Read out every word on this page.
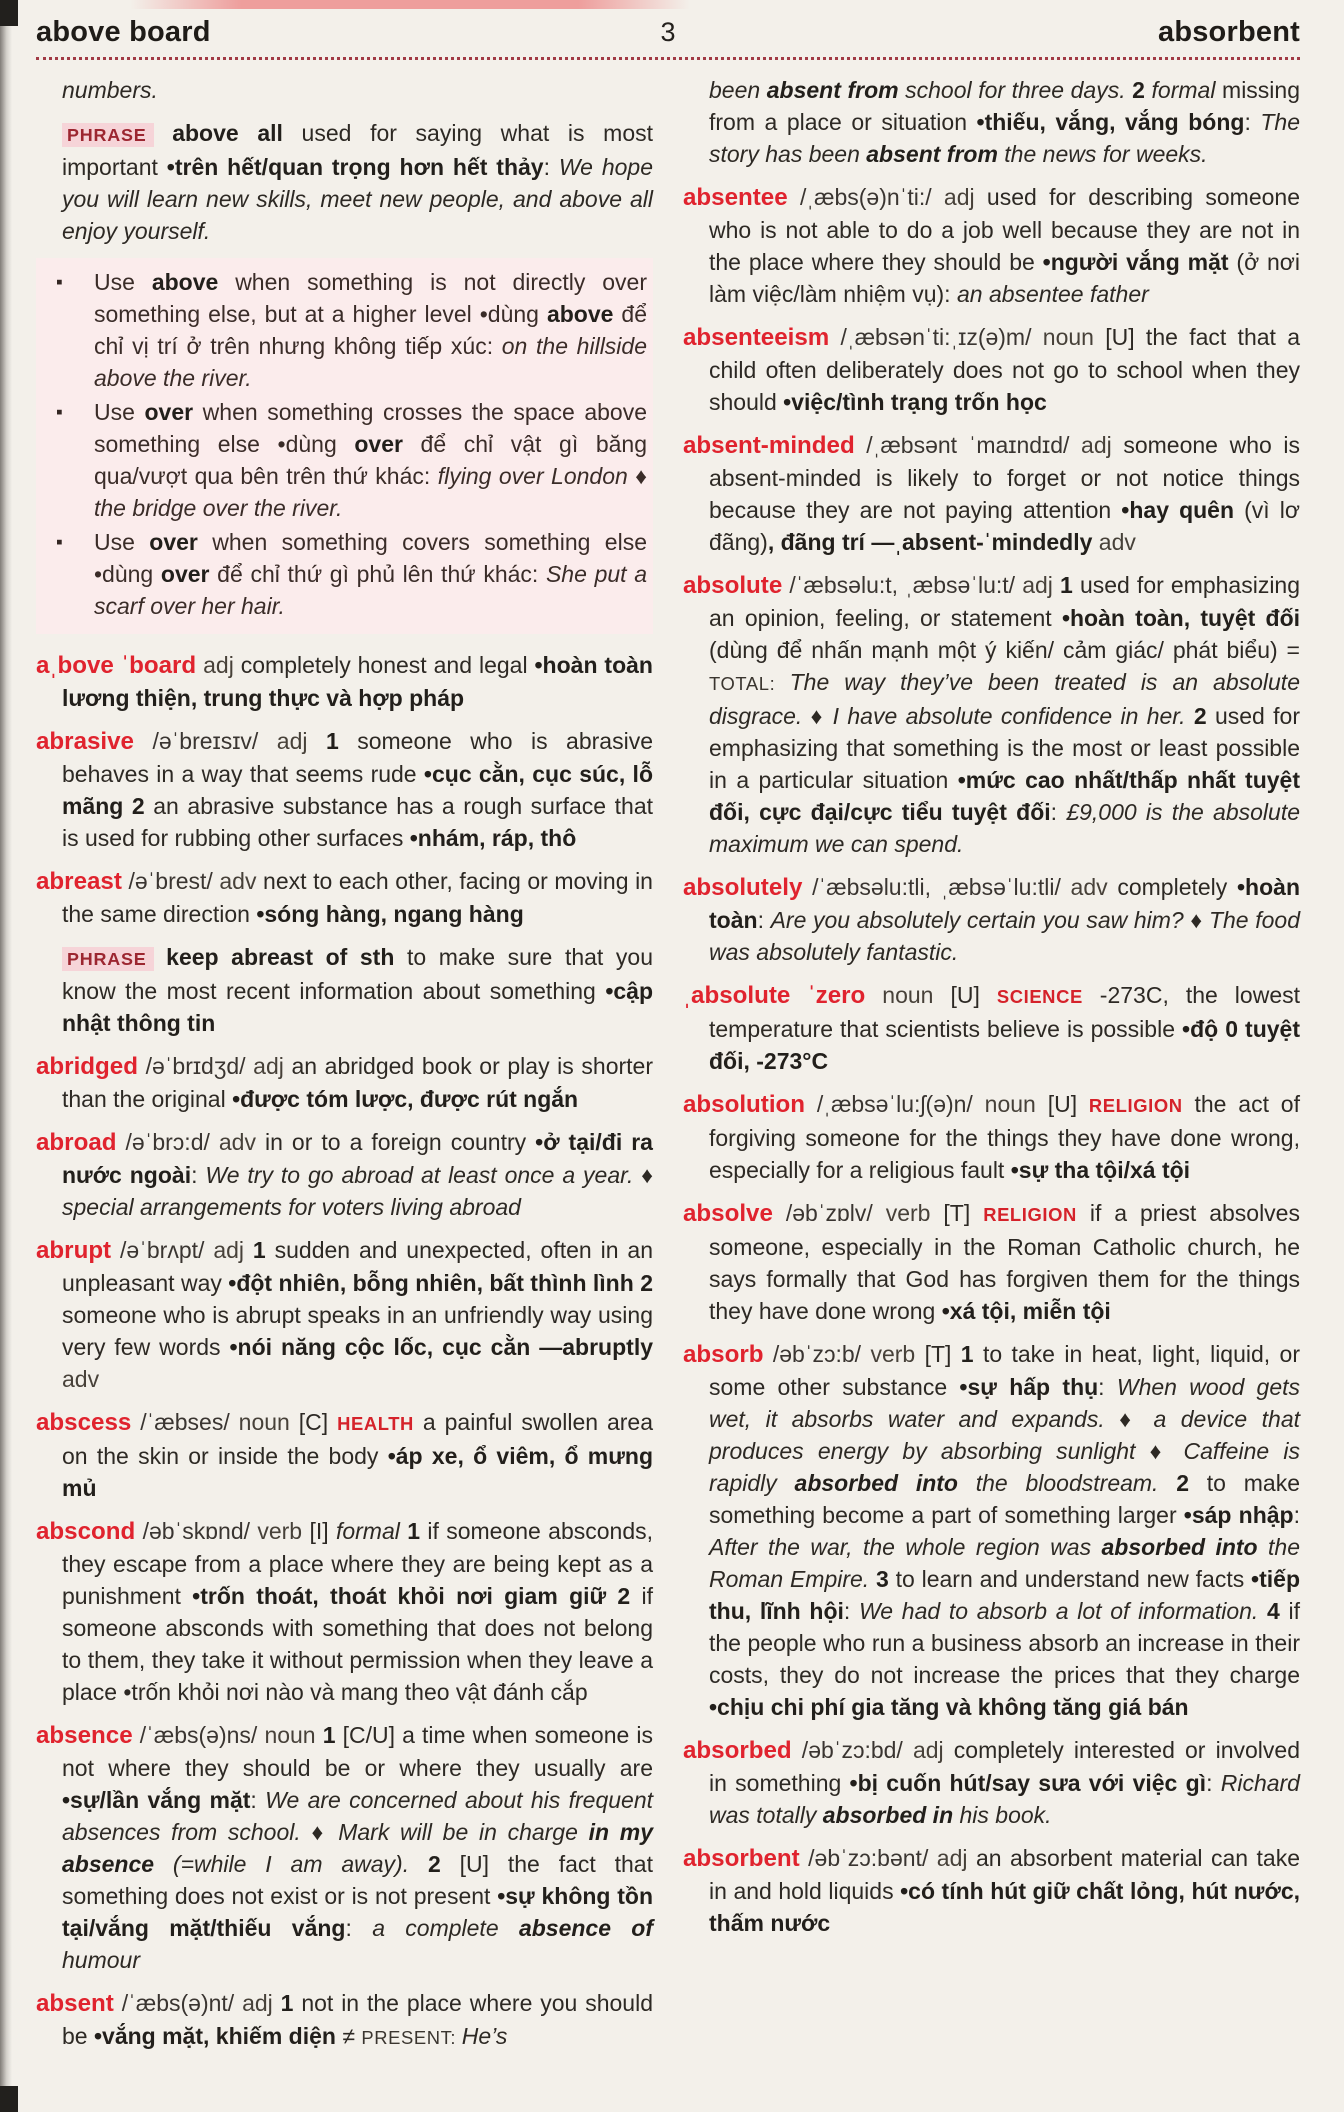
above board	3	absorbent

numbers.

PHRASE above all used for saying what is most important •trên hết/quan trọng hơn hết thảy: We hope you will learn new skills, meet new people, and above all enjoy yourself.

▪ Use above when something is not directly over something else, but at a higher level •dùng above để chỉ vị trí ở trên nhưng không tiếp xúc: on the hillside above the river.
▪ Use over when something crosses the space above something else •dùng over để chỉ vật gì băng qua/vượt qua bên trên thứ khác: flying over London ♦ the bridge over the river.
▪ Use over when something covers something else •dùng over để chỉ thứ gì phủ lên thứ khác: She put a scarf over her hair.

aˌbove ˈboard adj completely honest and legal •hoàn toàn lương thiện, trung thực và hợp pháp

abrasive /əˈbreɪsɪv/ adj 1 someone who is abrasive behaves in a way that seems rude •cục cằn, cục súc, lỗ mãng 2 an abrasive substance has a rough surface that is used for rubbing other surfaces •nhám, ráp, thô

abreast /əˈbrest/ adv next to each other, facing or moving in the same direction •sóng hàng, ngang hàng

PHRASE keep abreast of sth to make sure that you know the most recent information about something •cập nhật thông tin

abridged /əˈbrɪdʒd/ adj an abridged book or play is shorter than the original •được tóm lược, được rút ngắn

abroad /əˈbrɔ:d/ adv in or to a foreign country •ở tại/đi ra nước ngoài: We try to go abroad at least once a year. ♦ special arrangements for voters living abroad

abrupt /əˈbrʌpt/ adj 1 sudden and unexpected, often in an unpleasant way •đột nhiên, bỗng nhiên, bất thình lình 2 someone who is abrupt speaks in an unfriendly way using very few words •nói năng cộc lốc, cục cằn —abruptly adv

abscess /ˈæbses/ noun [C] HEALTH a painful swollen area on the skin or inside the body •áp xe, ổ viêm, ổ mưng mủ

abscond /əbˈskɒnd/ verb [I] formal 1 if someone absconds, they escape from a place where they are being kept as a punishment •trốn thoát, thoát khỏi nơi giam giữ 2 if someone absconds with something that does not belong to them, they take it without permission when they leave a place •trốn khỏi nơi nào và mang theo vật đánh cắp

absence /ˈæbs(ə)ns/ noun 1 [C/U] a time when someone is not where they should be or where they usually are •sự/lần vắng mặt: We are concerned about his frequent absences from school. ♦ Mark will be in charge in my absence (=while I am away). 2 [U] the fact that something does not exist or is not present •sự không tồn tại/vắng mặt/thiếu vắng: a complete absence of humour

absent /ˈæbs(ə)nt/ adj 1 not in the place where you should be •vắng mặt, khiếm diện ≠ PRESENT: He’s

been absent from school for three days. 2 formal missing from a place or situation •thiếu, vắng, vắng bóng: The story has been absent from the news for weeks.

absentee /ˌæbs(ə)nˈti:/ adj used for describing someone who is not able to do a job well because they are not in the place where they should be •người vắng mặt (ở nơi làm việc/làm nhiệm vụ): an absentee father

absenteeism /ˌæbsənˈti:ˌɪz(ə)m/ noun [U] the fact that a child often deliberately does not go to school when they should •việc/tình trạng trốn học

absent-minded /ˌæbsənt ˈmaɪndɪd/ adj someone who is absent-minded is likely to forget or not notice things because they are not paying attention •hay quên (vì lơ đãng), đãng trí —ˌabsent-ˈmindedly adv

absolute /ˈæbsəlu:t, ˌæbsəˈlu:t/ adj 1 used for emphasizing an opinion, feeling, or statement •hoàn toàn, tuyệt đối (dùng để nhấn mạnh một ý kiến/ cảm giác/ phát biểu) = TOTAL: The way they’ve been treated is an absolute disgrace. ♦ I have absolute confidence in her. 2 used for emphasizing that something is the most or least possible in a particular situation •mức cao nhất/thấp nhất tuyệt đối, cực đại/cực tiểu tuyệt đối: £9,000 is the absolute maximum we can spend.

absolutely /ˈæbsəlu:tli, ˌæbsəˈlu:tli/ adv completely •hoàn toàn: Are you absolutely certain you saw him? ♦ The food was absolutely fantastic.

ˌabsolute ˈzero noun [U] SCIENCE -273C, the lowest temperature that scientists believe is possible •độ 0 tuyệt đối, -273°C

absolution /ˌæbsəˈlu:ʃ(ə)n/ noun [U] RELIGION the act of forgiving someone for the things they have done wrong, especially for a religious fault •sự tha tội/xá tội

absolve /əbˈzɒlv/ verb [T] RELIGION if a priest absolves someone, especially in the Roman Catholic church, he says formally that God has forgiven them for the things they have done wrong •xá tội, miễn tội

absorb /əbˈzɔ:b/ verb [T] 1 to take in heat, light, liquid, or some other substance •sự hấp thụ: When wood gets wet, it absorbs water and expands. ♦ a device that produces energy by absorbing sunlight ♦ Caffeine is rapidly absorbed into the bloodstream. 2 to make something become a part of something larger •sáp nhập: After the war, the whole region was absorbed into the Roman Empire. 3 to learn and understand new facts •tiếp thu, lĩnh hội: We had to absorb a lot of information. 4 if the people who run a business absorb an increase in their costs, they do not increase the prices that they charge •chịu chi phí gia tăng và không tăng giá bán

absorbed /əbˈzɔ:bd/ adj completely interested or involved in something •bị cuốn hút/say sưa với việc gì: Richard was totally absorbed in his book.

absorbent /əbˈzɔ:bənt/ adj an absorbent material can take in and hold liquids •có tính hút giữ chất lỏng, hút nước, thấm nước
